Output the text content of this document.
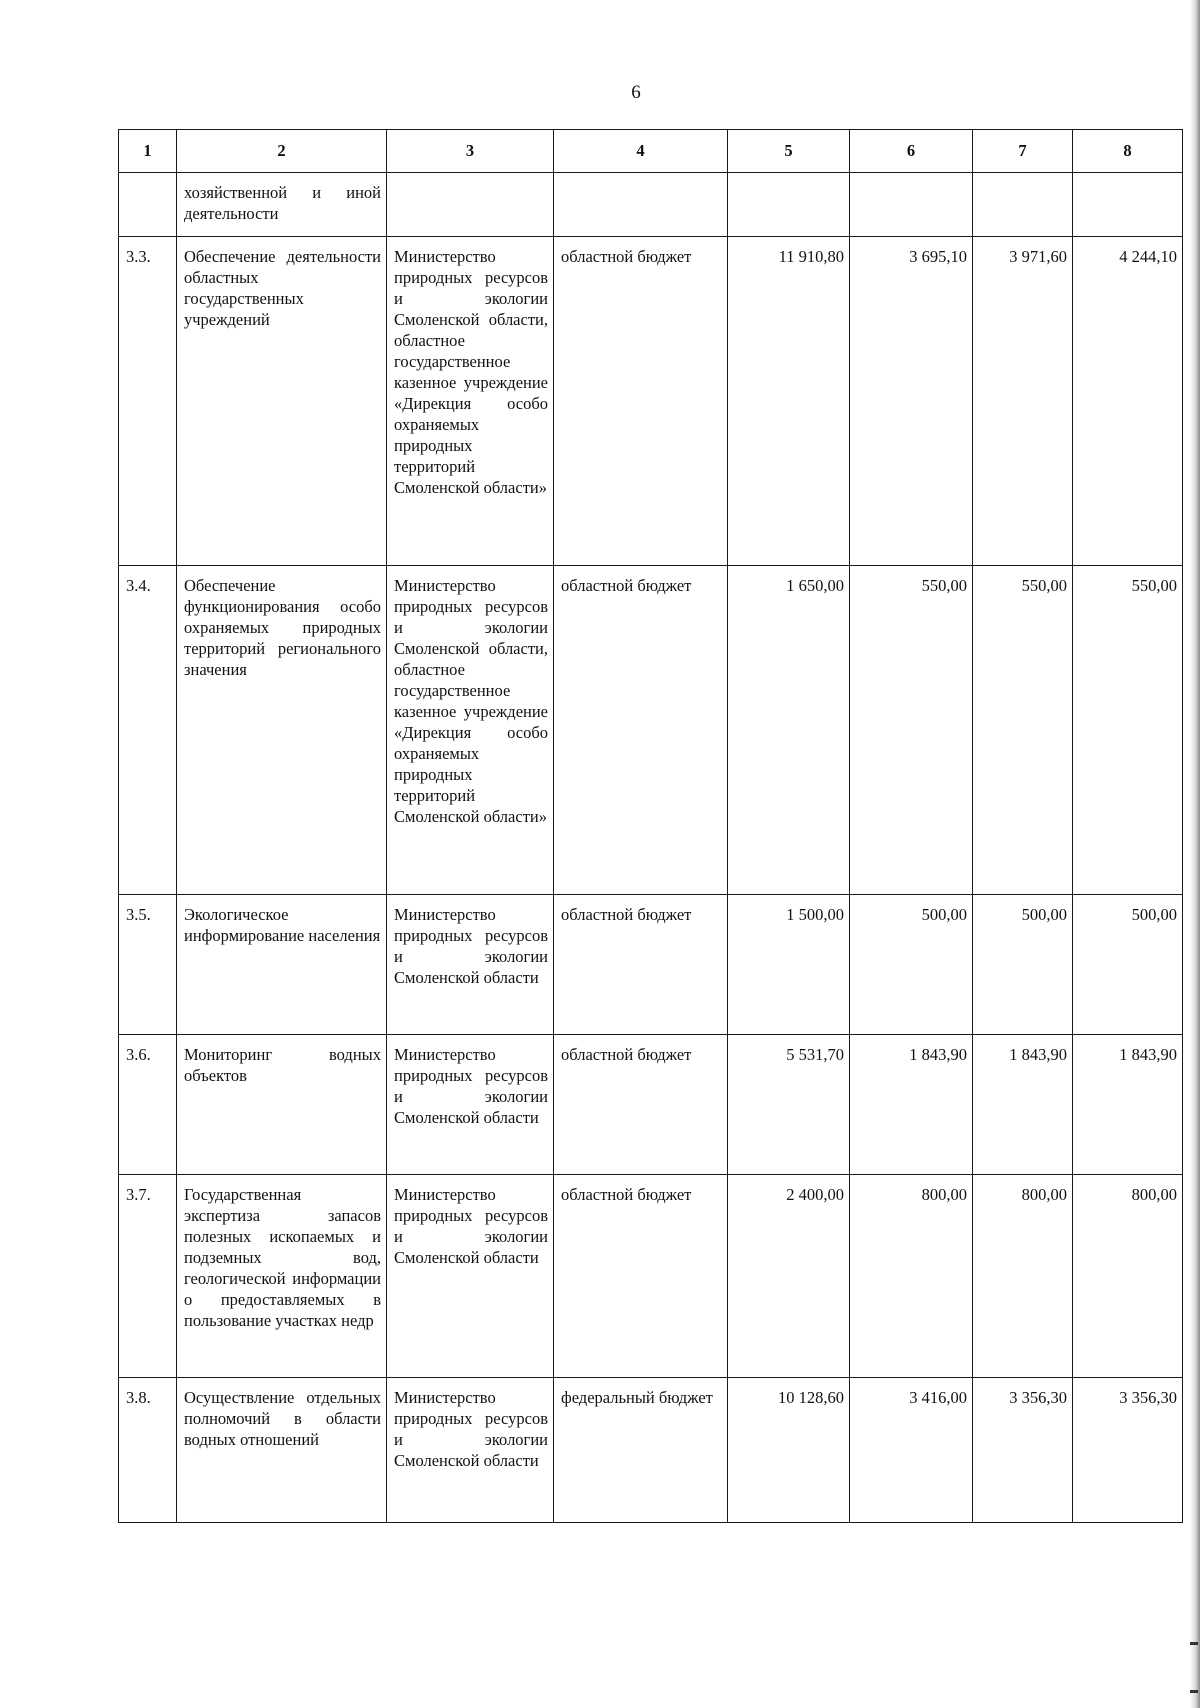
6
1	2	3	4	5	6	7	8
	хозяйственной и иной деятельности						
3.3.	Обеспечение деятельности областных государственных учреждений	Министерство природных ресурсов и экологии Смоленской области, областное государственное казенное учреждение «Дирекция особо охраняемых природных территорий Смоленской области»	областной бюджет	11 910,80	3 695,10	3 971,60	4 244,10
3.4.	Обеспечение функционирования особо охраняемых природных территорий регионального значения	Министерство природных ресурсов и экологии Смоленской области, областное государственное казенное учреждение «Дирекция особо охраняемых природных территорий Смоленской области»	областной бюджет	1 650,00	550,00	550,00	550,00
3.5.	Экологическое информирование населения	Министерство природных ресурсов и экологии Смоленской области	областной бюджет	1 500,00	500,00	500,00	500,00
3.6.	Мониторинг водных объектов	Министерство природных ресурсов и экологии Смоленской области	областной бюджет	5 531,70	1 843,90	1 843,90	1 843,90
3.7.	Государственная экспертиза запасов полезных ископаемых и подземных вод, геологической информации о предоставляемых в пользование участках недр	Министерство природных ресурсов и экологии Смоленской области	областной бюджет	2 400,00	800,00	800,00	800,00
3.8.	Осуществление отдельных полномочий в области водных отношений	Министерство природных ресурсов и экологии Смоленской области	федеральный бюджет	10 128,60	3 416,00	3 356,30	3 356,30
